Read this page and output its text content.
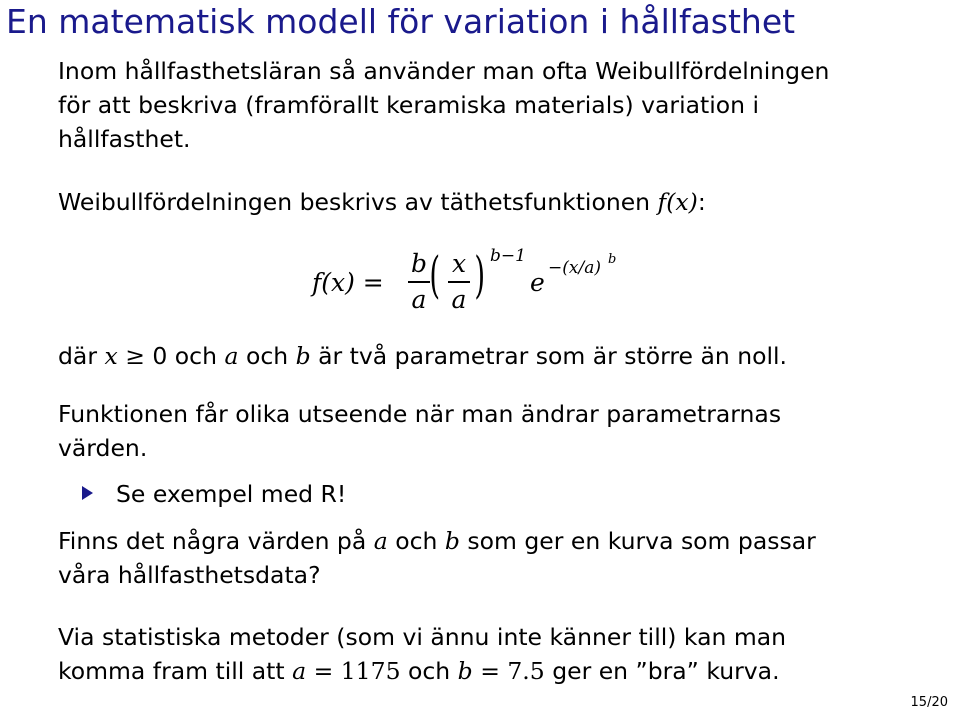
En matematisk modell för variation i hållfasthet
Inom hållfasthetsläran så använder man ofta Weibullfördelningen
för att beskriva (framförallt keramiska materials) variation i
hållfasthet.
Weibullfördelningen beskrivs av täthetsfunktionen f(x):
f(x) =
b
a ( x
a ) b−1
e −(x/a) b
där x ≥ 0 och a och b är två parametrar som är större än noll.
Funktionen får olika utseende när man ändrar parametrarnas
värden.
Se exempel med R!
Finns det några värden på a och b som ger en kurva som passar
våra hållfasthetsdata?
Via statistiska metoder (som vi ännu inte känner till) kan man
komma fram till att a = 1175 och b = 7.5 ger en ”bra” kurva.
15/20
